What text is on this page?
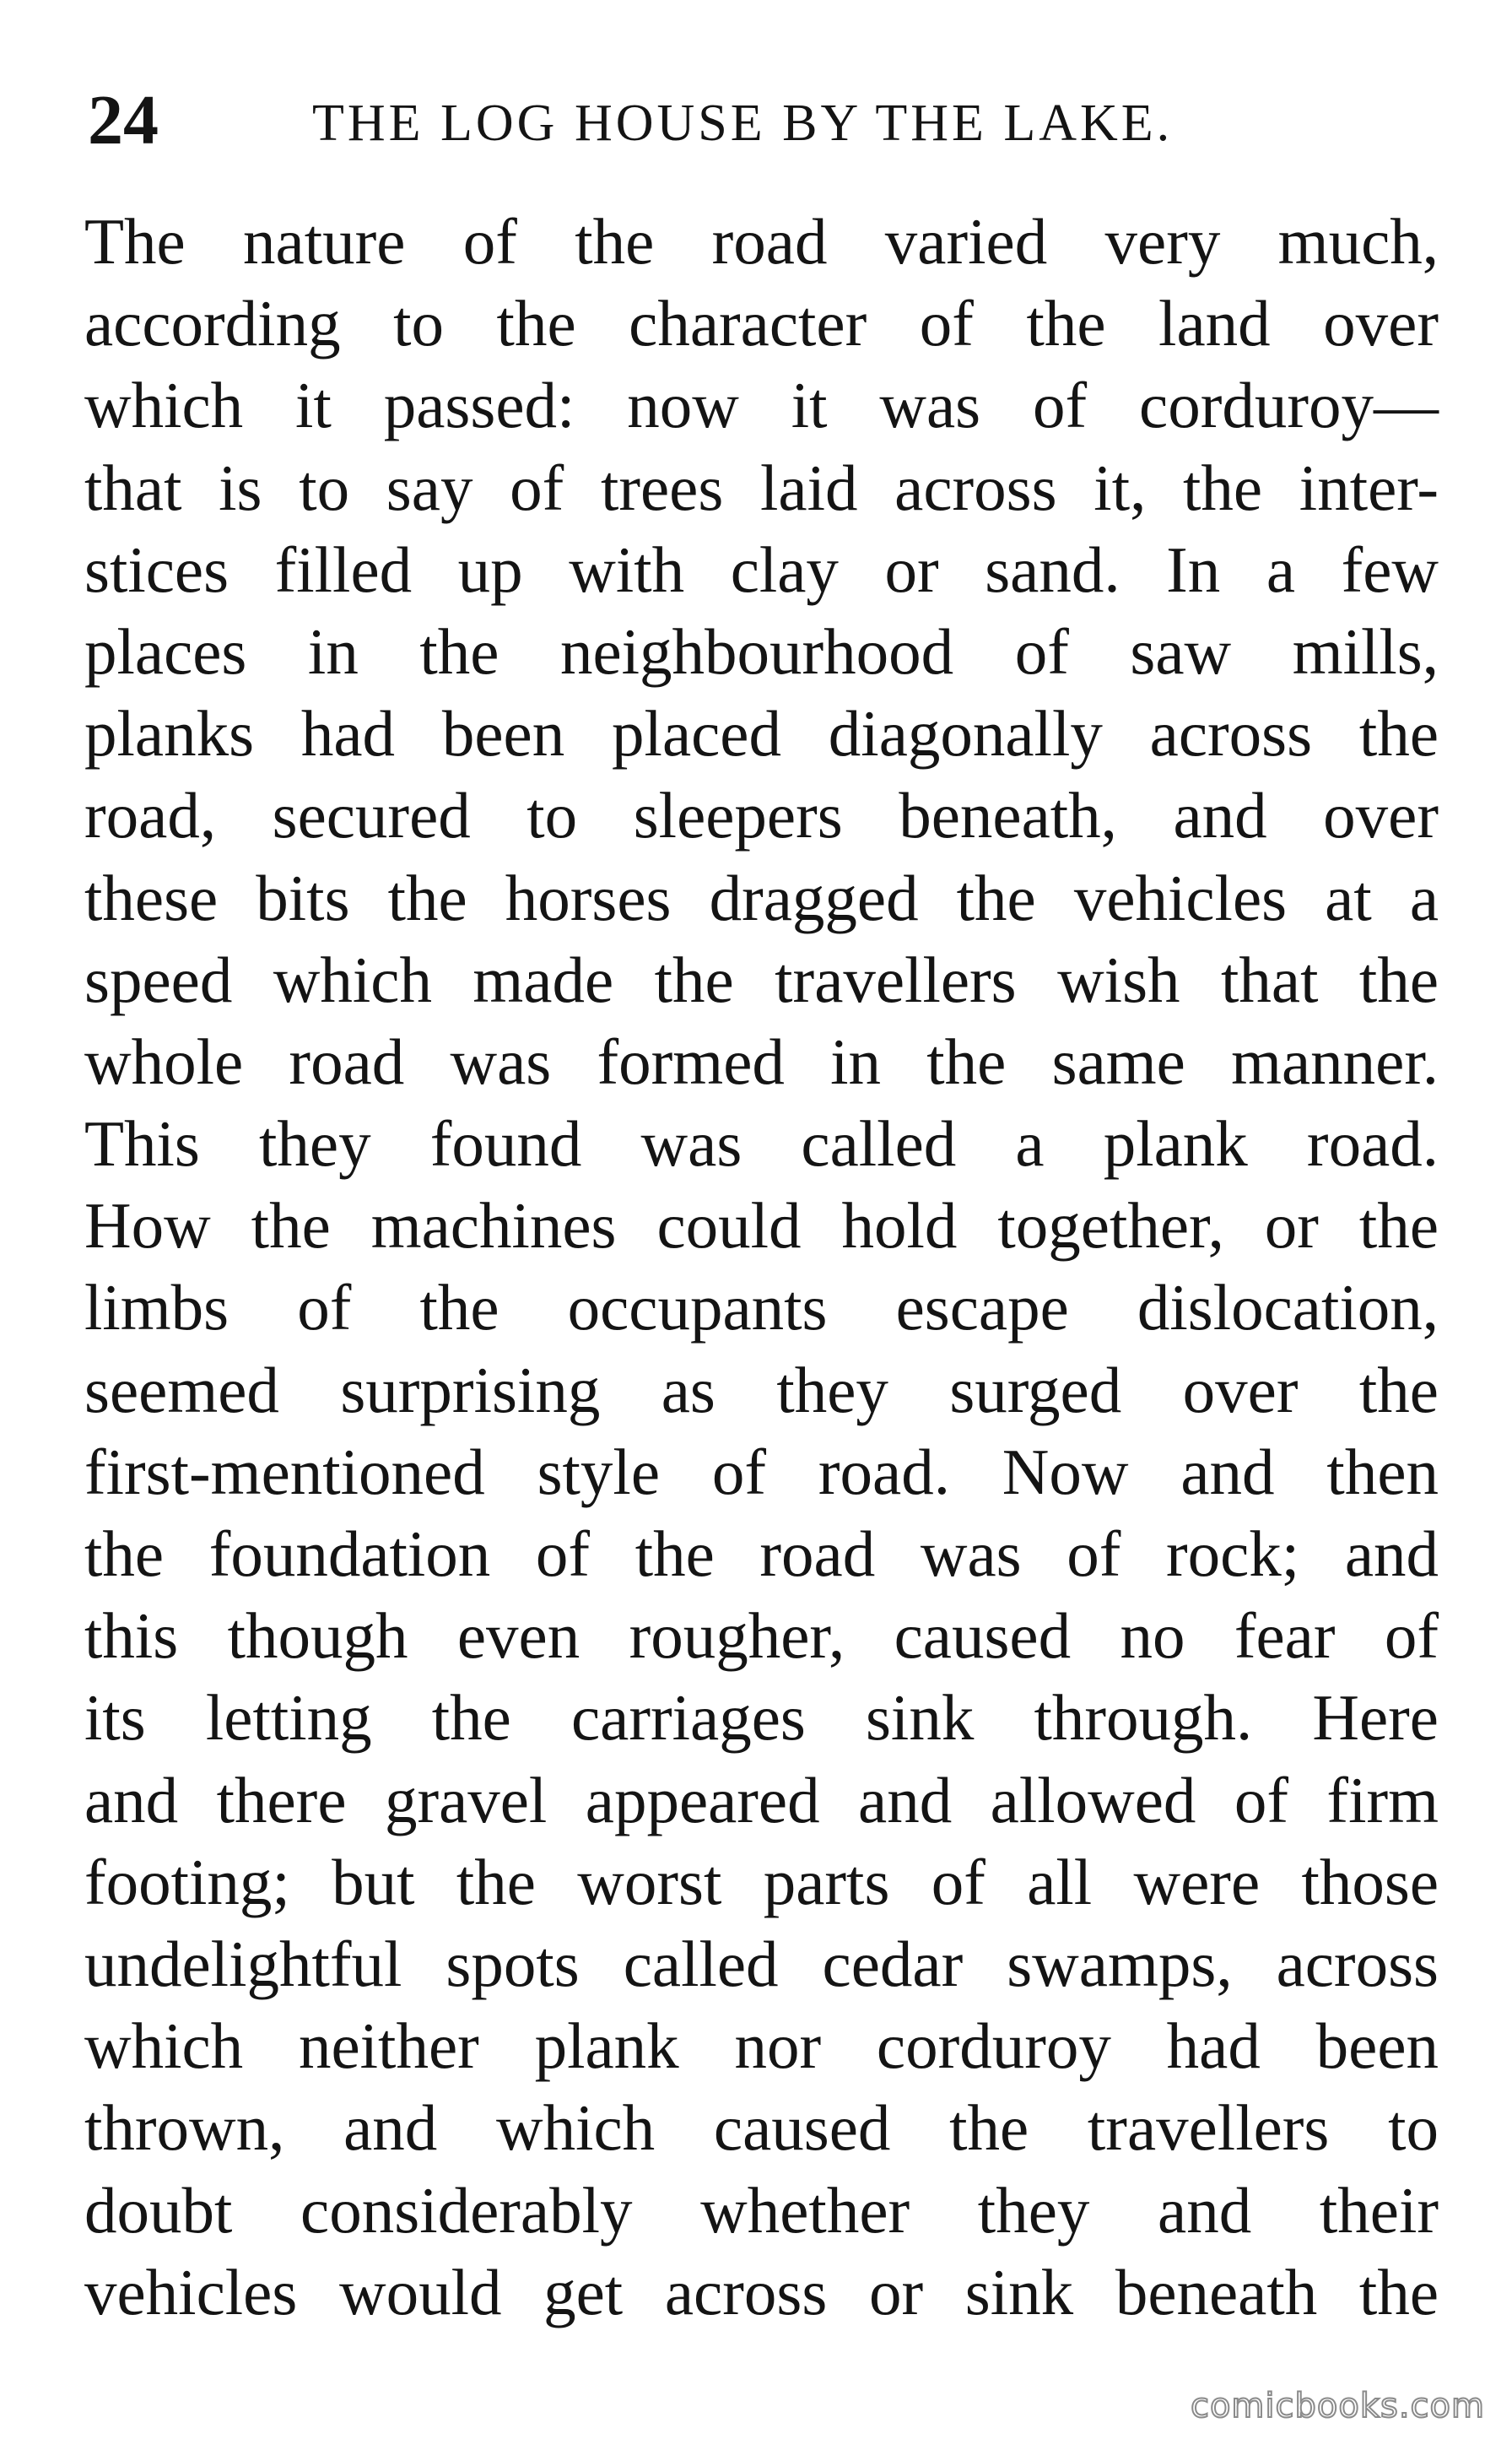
24	THE LOG HOUSE BY THE LAKE.
The nature of the road varied very much,
according to the character of the land over
which it passed: now it was of corduroy—
that is to say of trees laid across it, the inter-
stices filled up with clay or sand. In a few
places in the neighbourhood of saw mills,
planks had been placed diagonally across the
road, secured to sleepers beneath, and over
these bits the horses dragged the vehicles at a
speed which made the travellers wish that the
whole road was formed in the same manner.
This they found was called a plank road.
How the machines could hold together, or the
limbs of the occupants escape dislocation,
seemed surprising as they surged over the
first-mentioned style of road. Now and then
the foundation of the road was of rock; and
this though even rougher, caused no fear of
its letting the carriages sink through. Here
and there gravel appeared and allowed of firm
footing; but the worst parts of all were those
undelightful spots called cedar swamps, across
which neither plank nor corduroy had been
thrown, and which caused the travellers to
doubt considerably whether they and their
vehicles would get across or sink beneath the
comicbooks.com
